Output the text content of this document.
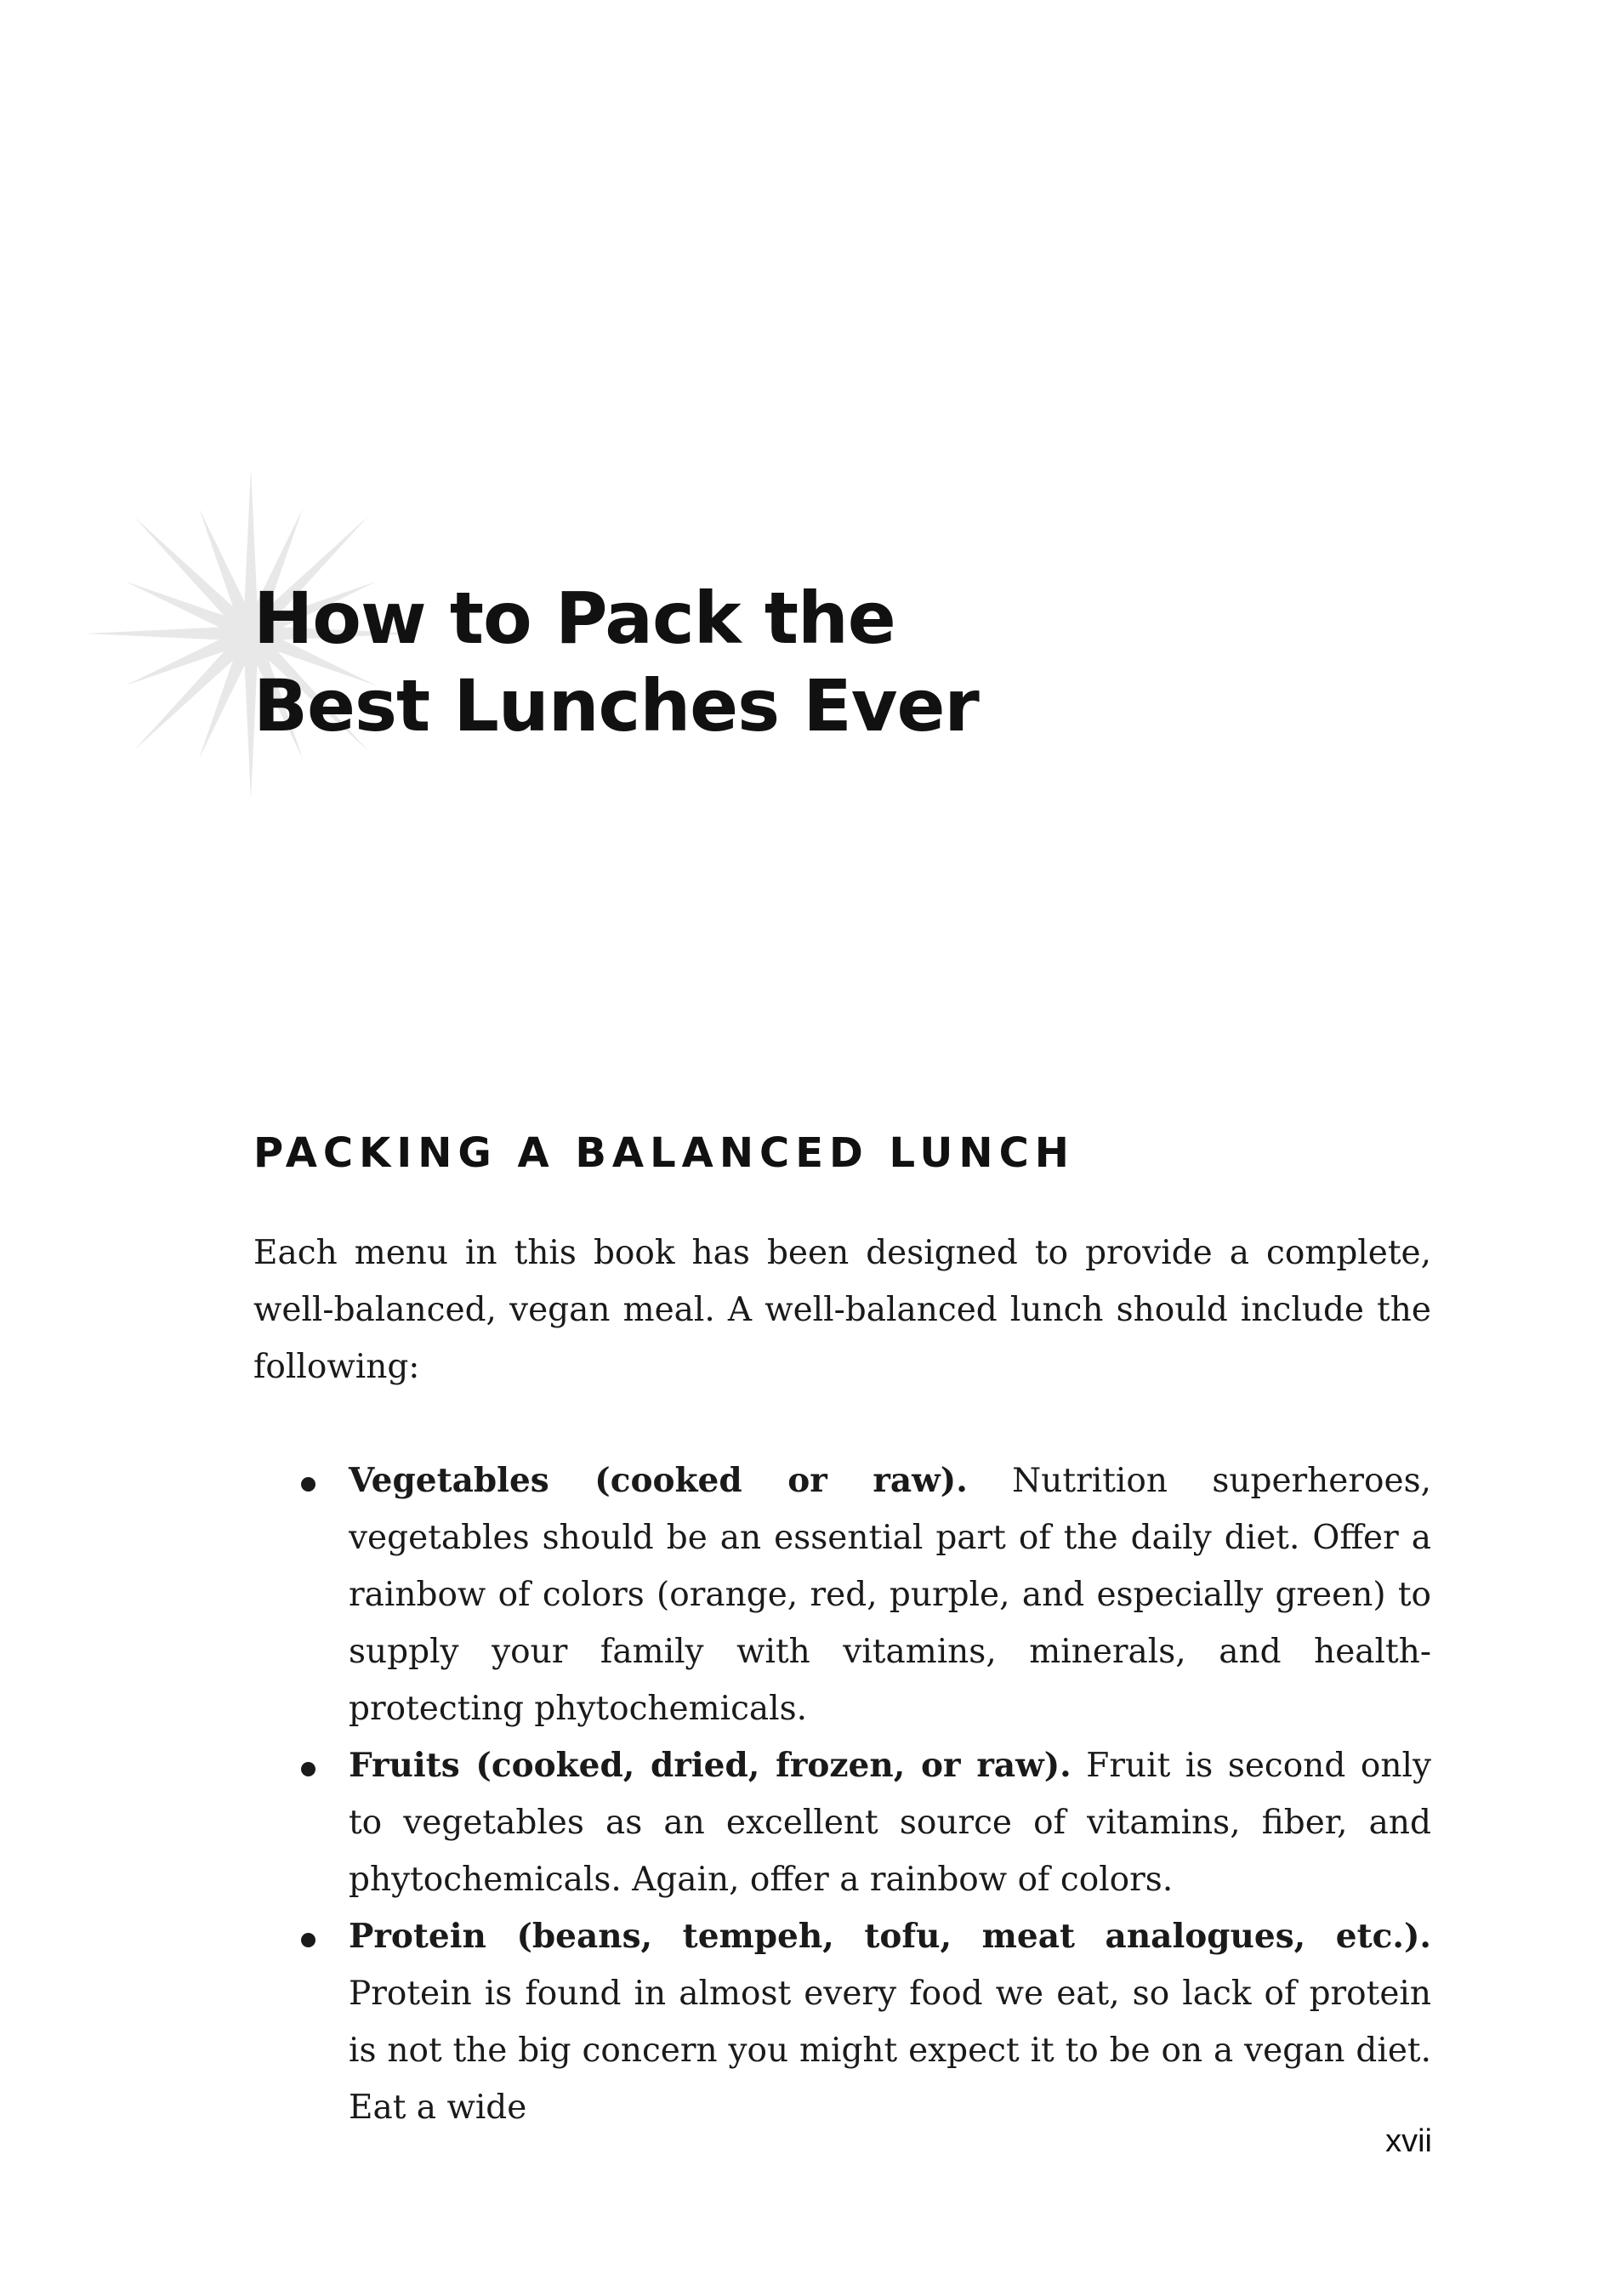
How to Pack the
Best Lunches Ever
PACKING A BALANCED LUNCH

Each menu in this book has been designed to provide a complete, well-balanced, vegan meal. A well-balanced lunch should include the following:

Vegetables (cooked or raw). Nutrition superheroes, vegetables should be an essential part of the daily diet. Offer a rainbow of colors (orange, red, purple, and especially green) to supply your family with vitamins, minerals, and health-protecting phytochemicals.
Fruits (cooked, dried, frozen, or raw). Fruit is second only to vegetables as an excellent source of vitamins, fiber, and phytochemicals. Again, offer a rainbow of colors.
Protein (beans, tempeh, tofu, meat analogues, etc.). Protein is found in almost every food we eat, so lack of protein is not the big concern you might expect it to be on a vegan diet. Eat a wide
xvii
